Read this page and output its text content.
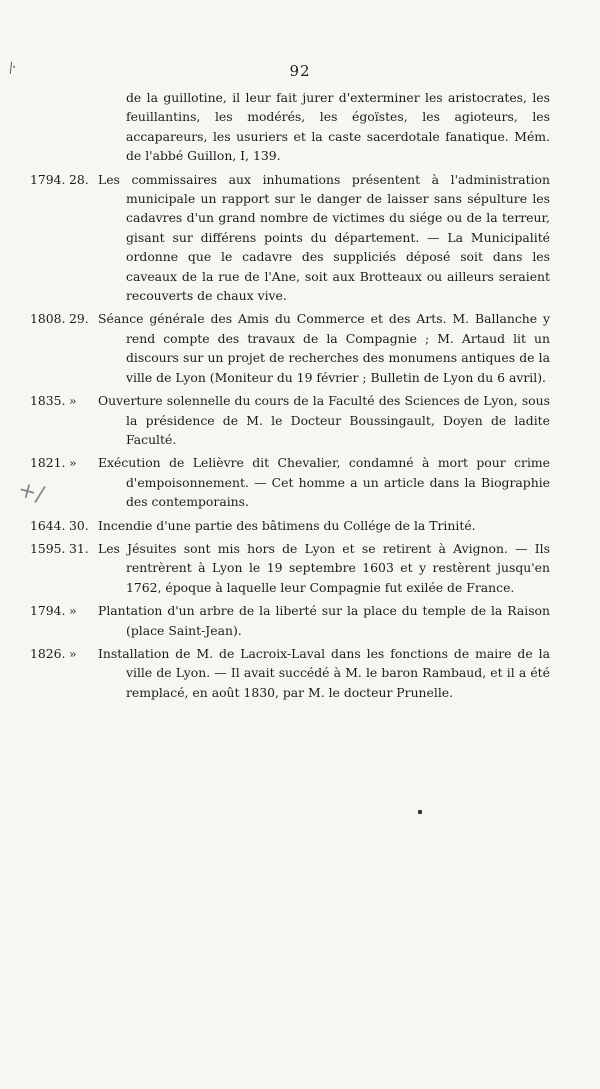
92
⁄·
+/
de la guillotine, il leur fait jurer d'exterminer les aristocrates, les feuillantins, les modérés, les égoïstes, les agioteurs, les accapareurs, les usuriers et la caste sacerdotale fanatique. Mém. de l'abbé Guillon, I, 139.
1794. 28. Les commissaires aux inhumations présentent à l'administration municipale un rapport sur le danger de laisser sans sépulture les cadavres d'un grand nombre de victimes du siége ou de la terreur, gisant sur différens points du département. — La Municipalité ordonne que le cadavre des suppliciés déposé soit dans les caveaux de la rue de l'Ane, soit aux Brotteaux ou ailleurs seraient recouverts de chaux vive.
1808. 29. Séance générale des Amis du Commerce et des Arts. M. Ballanche y rend compte des travaux de la Compagnie ; M. Artaud lit un discours sur un projet de recherches des monumens antiques de la ville de Lyon (Moniteur du 19 février ; Bulletin de Lyon du 6 avril).
1835. »	Ouverture solennelle du cours de la Faculté des Sciences de Lyon, sous la présidence de M. le Docteur Boussingault, Doyen de ladite Faculté.
1821. »	Exécution de Lelièvre dit Chevalier, condamné à mort pour crime d'empoisonnement. — Cet homme a un article dans la Biographie des contemporains.
1644. 30. Incendie d'une partie des bâtimens du Collége de la Trinité.
1595. 31. Les Jésuites sont mis hors de Lyon et se retirent à Avignon. — Ils rentrèrent à Lyon le 19 septembre 1603 et y restèrent jusqu'en 1762, époque à laquelle leur Compagnie fut exilée de France.
1794. »	Plantation d'un arbre de la liberté sur la place du temple de la Raison (place Saint-Jean).
1826. »	Installation de M. de Lacroix-Laval dans les fonctions de maire de la ville de Lyon. — Il avait succédé à M. le baron Rambaud, et il a été remplacé, en août 1830, par M. le docteur Prunelle.
